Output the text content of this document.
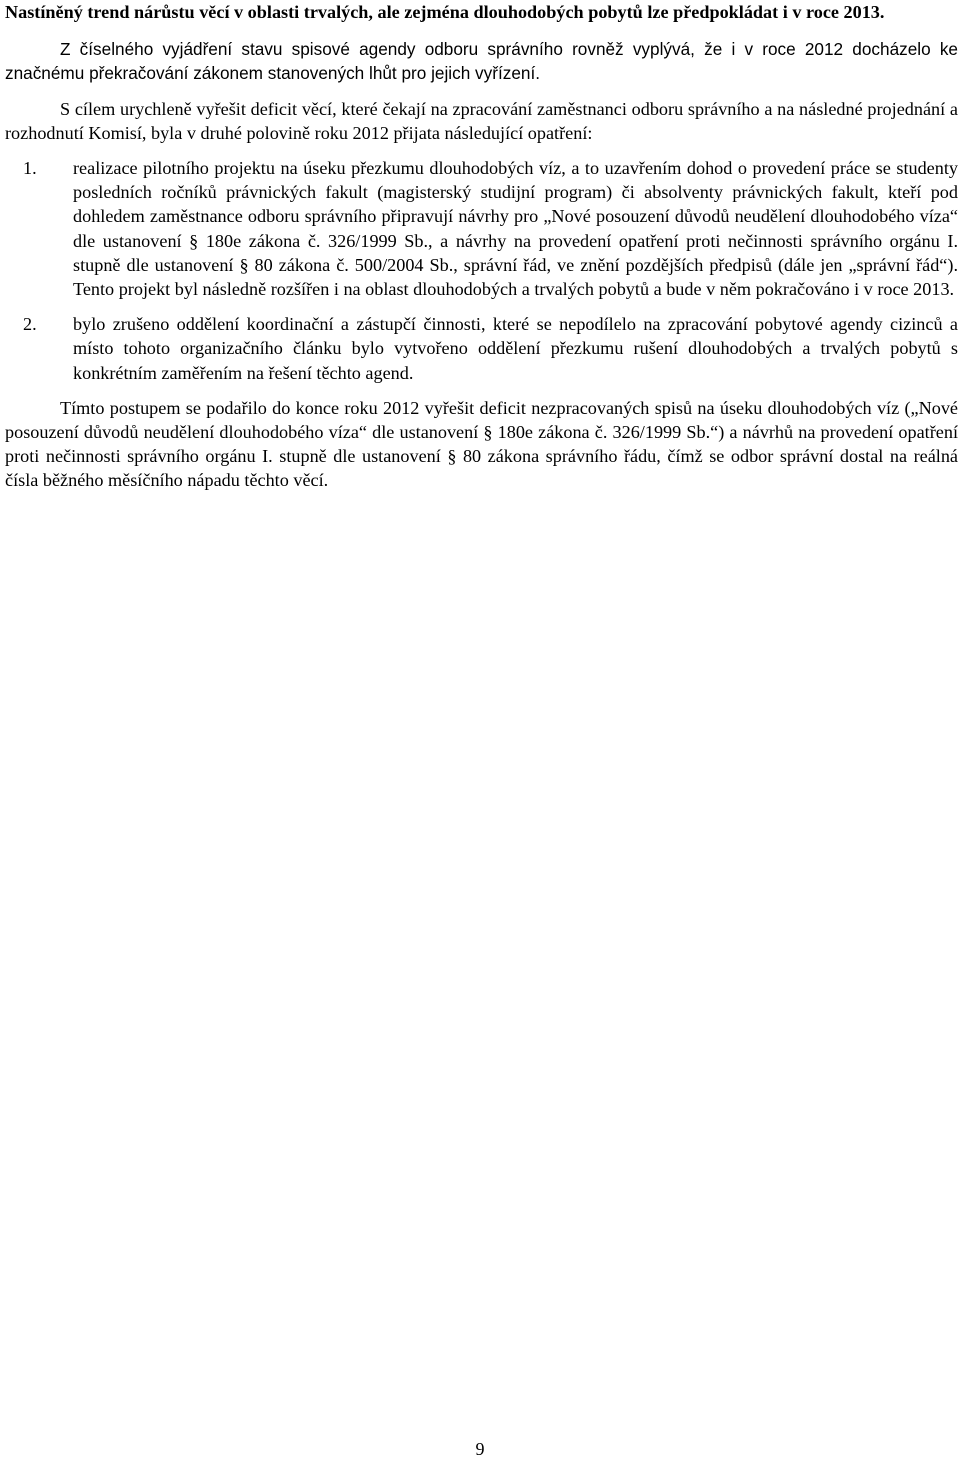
Nastíněný trend nárůstu věcí v oblasti trvalých, ale zejména dlouhodobých pobytů lze předpokládat i v roce 2013.

Z číselného vyjádření stavu spisové agendy odboru správního rovněž vyplývá, že i v roce 2012 docházelo ke značnému překračování zákonem stanovených lhůt pro jejich vyřízení.

S cílem urychleně vyřešit deficit věcí, které čekají na zpracování zaměstnanci odboru správního a na následné projednání a rozhodnutí Komisí, byla v druhé polovině roku 2012 přijata následující opatření:

1.	realizace pilotního projektu na úseku přezkumu dlouhodobých víz, a to uzavřením dohod o provedení práce se studenty posledních ročníků právnických fakult (magisterský studijní program) či absolventy právnických fakult, kteří pod dohledem zaměstnance odboru správního připravují návrhy pro „Nové posouzení důvodů neudělení dlouhodobého víza“ dle ustanovení § 180e zákona č. 326/1999 Sb., a návrhy na provedení opatření proti nečinnosti správního orgánu I. stupně dle ustanovení § 80 zákona č. 500/2004 Sb., správní řád, ve znění pozdějších předpisů (dále jen „správní řád“). Tento projekt byl následně rozšířen i na oblast dlouhodobých a trvalých pobytů a bude v něm pokračováno i v roce 2013.
2.	bylo zrušeno oddělení koordinační a zástupčí činnosti, které se nepodílelo na zpracování pobytové agendy cizinců a místo tohoto organizačního článku bylo vytvořeno oddělení přezkumu rušení dlouhodobých a trvalých pobytů s konkrétním zaměřením na řešení těchto agend.

Tímto postupem se podařilo do konce roku 2012 vyřešit deficit nezpracovaných spisů na úseku dlouhodobých víz („Nové posouzení důvodů neudělení dlouhodobého víza“ dle ustanovení § 180e zákona č. 326/1999 Sb.“) a návrhů na provedení opatření proti nečinnosti správního orgánu I. stupně dle ustanovení § 80 zákona správního řádu, čímž se odbor správní dostal na reálná čísla běžného měsíčního nápadu těchto věcí.

9
